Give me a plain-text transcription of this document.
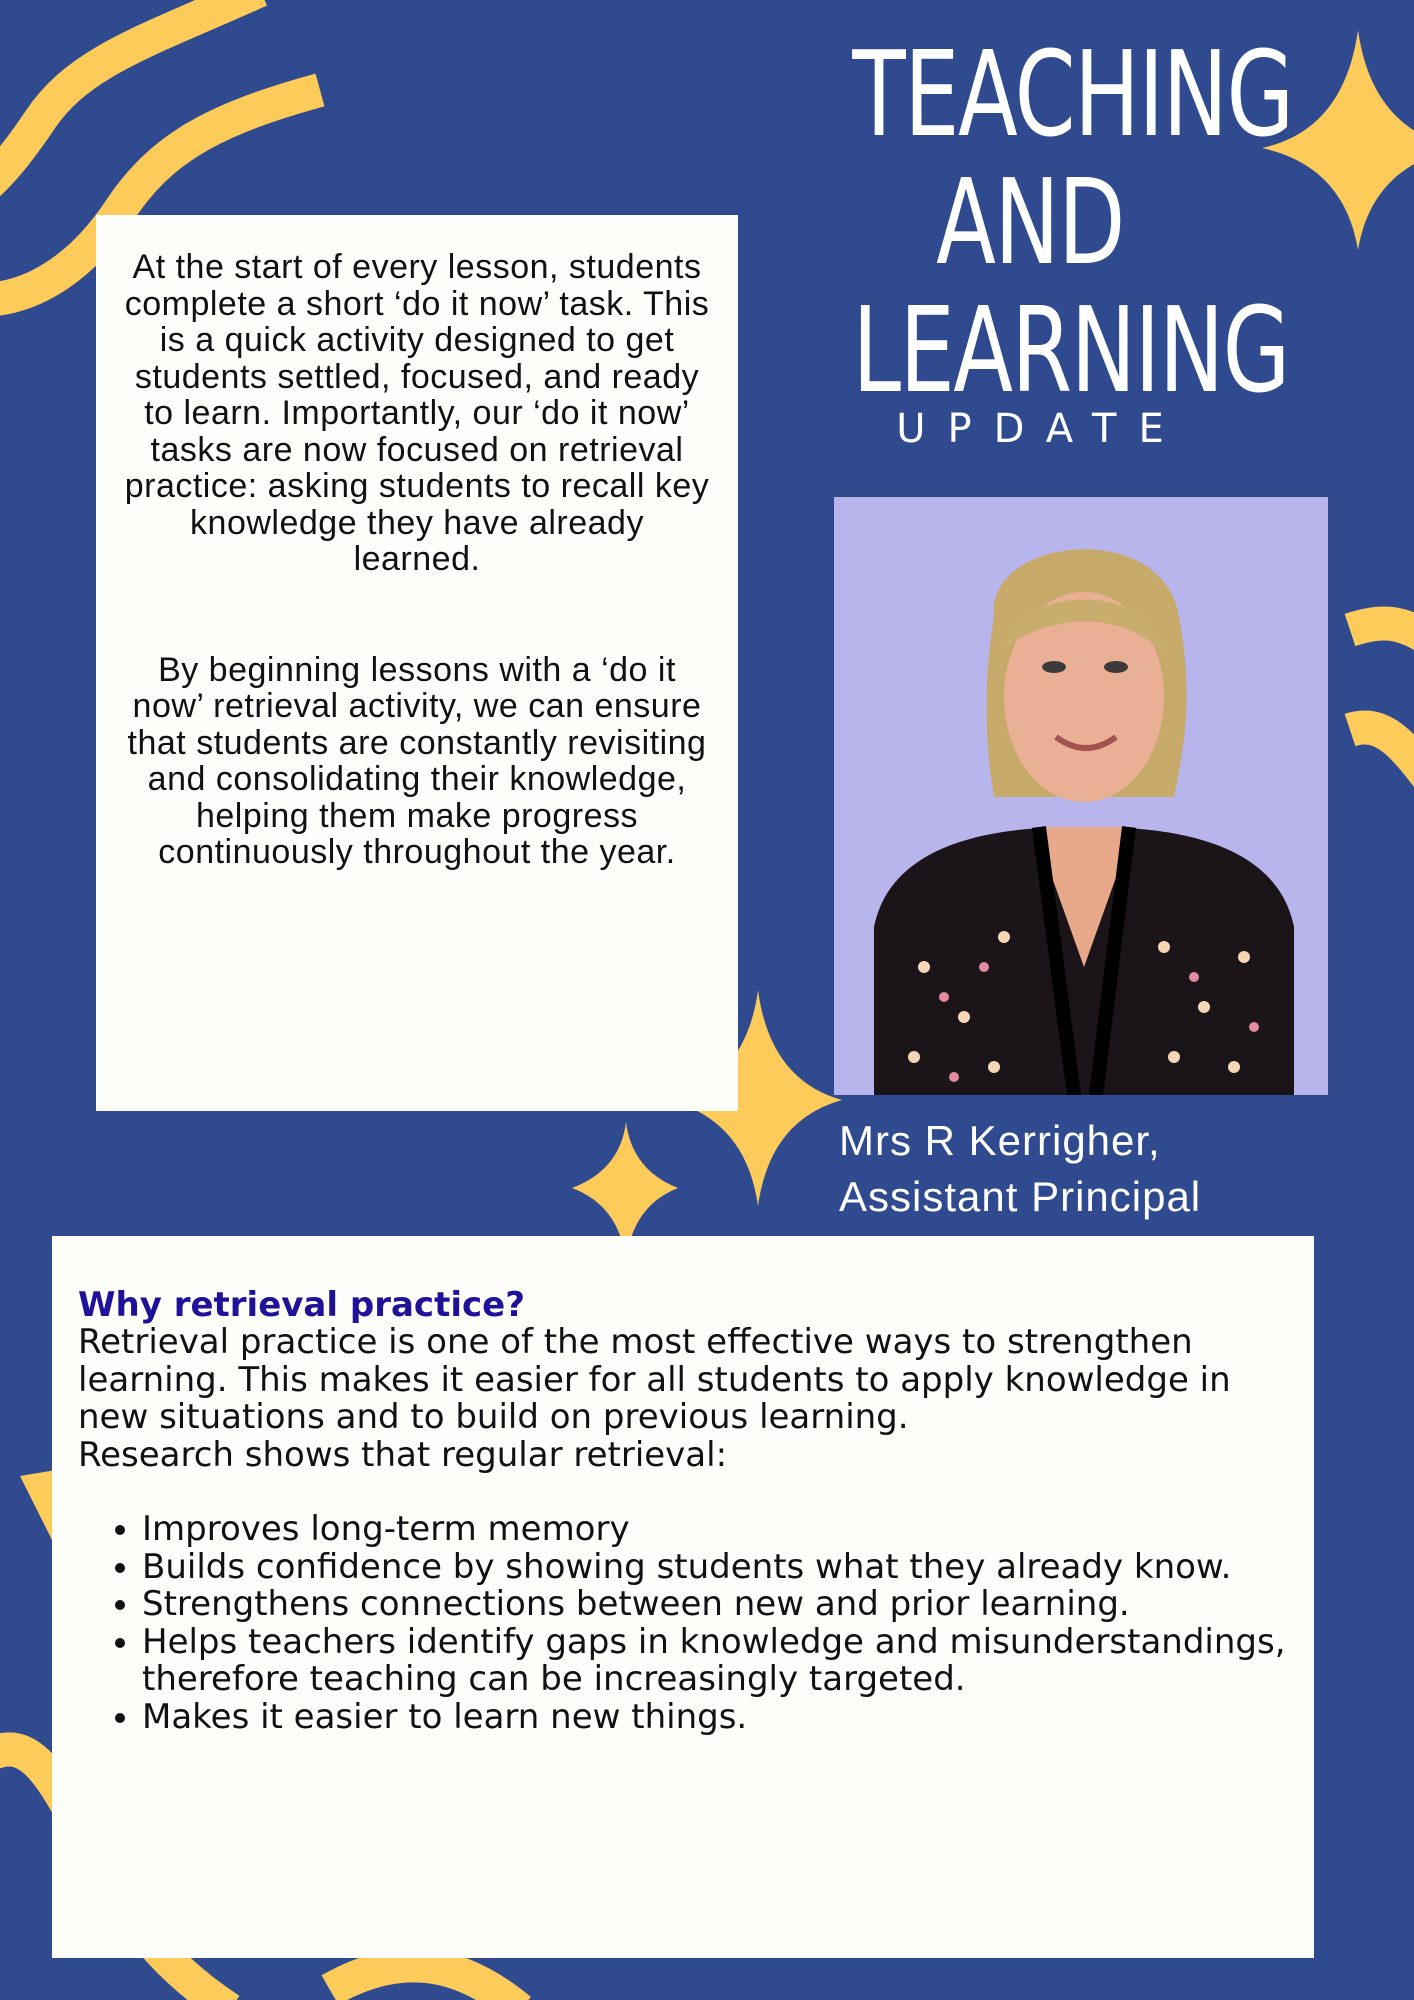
TEACHING
AND
LEARNING
UPDATE

At the start of every lesson, students complete a short ‘do it now’ task. This is a quick activity designed to get students settled, focused, and ready to learn. Importantly, our ‘do it now’ tasks are now focused on retrieval practice: asking students to recall key knowledge they have already learned.

By beginning lessons with a ‘do it now’ retrieval activity, we can ensure that students are constantly revisiting and consolidating their knowledge, helping them make progress continuously throughout the year.

Mrs R Kerrigher,
Assistant Principal
Why retrieval practice?

Retrieval practice is one of the most effective ways to strengthen learning. This makes it easier for all students to apply knowledge in new situations and to build on previous learning.

Research shows that regular retrieval:

• Improves long-term memory
• Builds confidence by showing students what they already know.
• Strengthens connections between new and prior learning.
• Helps teachers identify gaps in knowledge and misunderstandings, therefore teaching can be increasingly targeted.
• Makes it easier to learn new things.
